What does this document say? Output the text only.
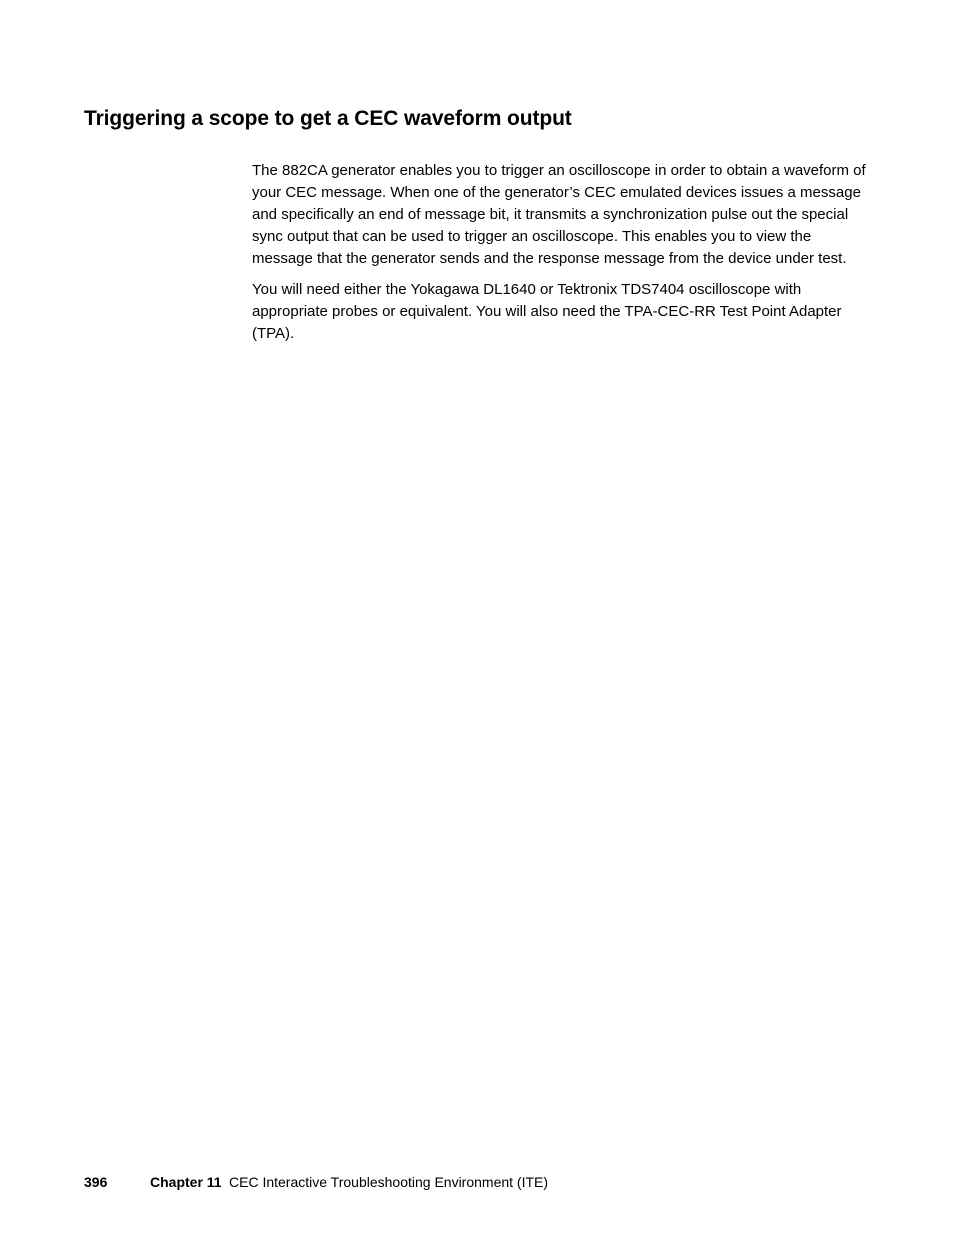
Triggering a scope to get a CEC waveform output

The 882CA generator enables you to trigger an oscilloscope in order to obtain a waveform of your CEC message. When one of the generator’s CEC emulated devices issues a message and specifically an end of message bit, it transmits a synchronization pulse out the special sync output that can be used to trigger an oscilloscope. This enables you to view the message that the generator sends and the response message from the device under test.

You will need either the Yokagawa DL1640 or Tektronix TDS7404 oscilloscope with appropriate probes or equivalent. You will also need the TPA-CEC-RR Test Point Adapter (TPA).

396	Chapter 11 CEC Interactive Troubleshooting Environment (ITE)
